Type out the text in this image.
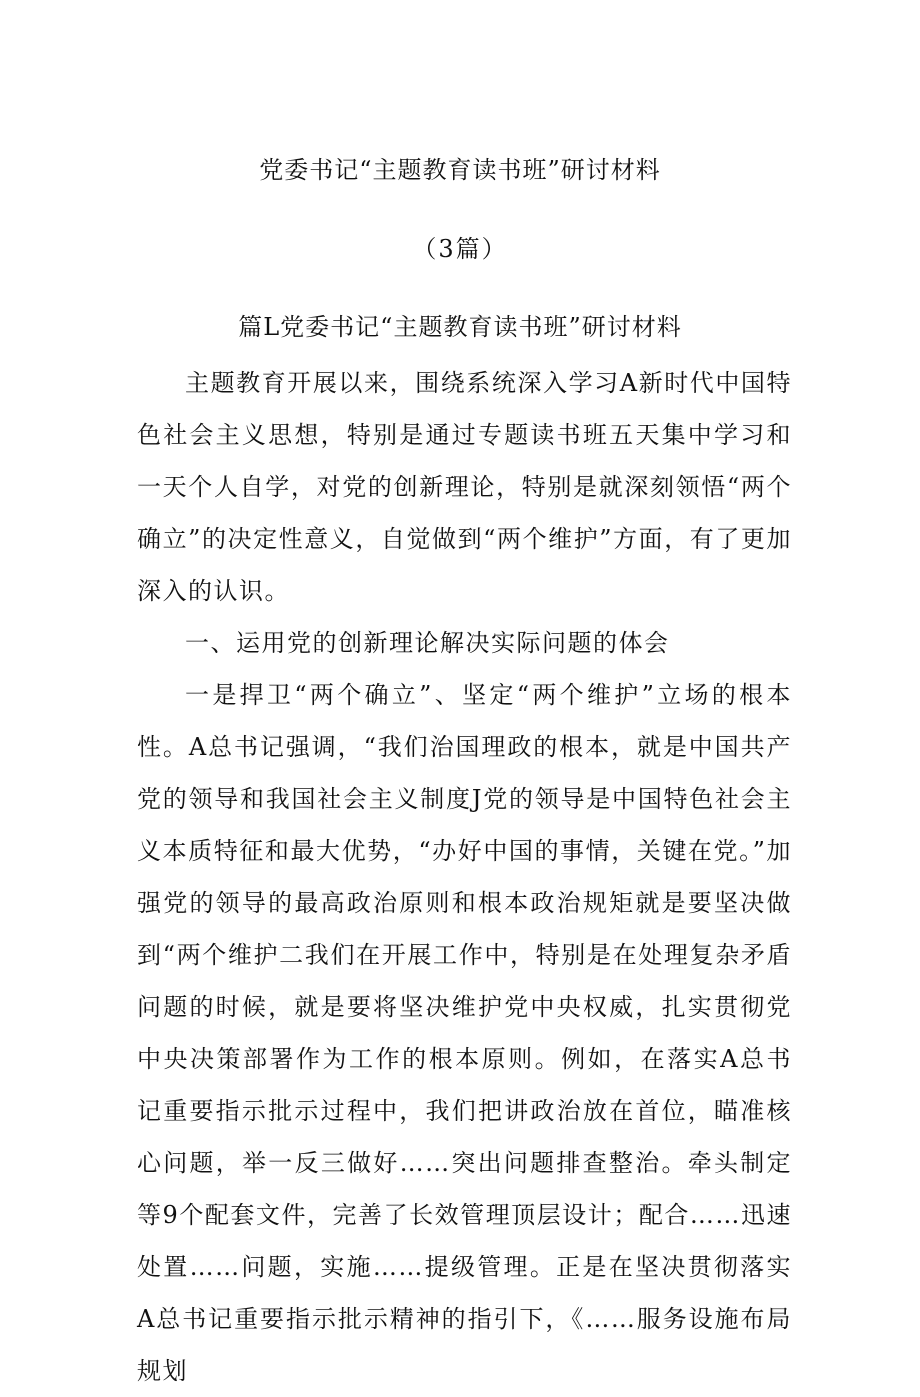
党委书记“主题教育读书班”研讨材料
（3篇）
篇L党委书记“主题教育读书班”研讨材料

主题教育开展以来，围绕系统深入学习A新时代中国特色社会主义思想，特别是通过专题读书班五天集中学习和一天个人自学，对党的创新理论，特别是就深刻领悟“两个确立”的决定性意义，自觉做到“两个维护”方面，有了更加深入的认识。

一、运用党的创新理论解决实际问题的体会

一是捍卫“两个确立”、坚定“两个维护”立场的根本性。A总书记强调，“我们治国理政的根本，就是中国共产党的领导和我国社会主义制度J党的领导是中国特色社会主义本质特征和最大优势，“办好中国的事情，关键在党。”加强党的领导的最高政治原则和根本政治规矩就是要坚决做到“两个维护二我们在开展工作中，特别是在处理复杂矛盾问题的时候，就是要将坚决维护党中央权威，扎实贯彻党中央决策部署作为工作的根本原则。例如，在落实A总书记重要指示批示过程中，我们把讲政治放在首位，瞄准核心问题，举一反三做好……突出问题排查整治。牵头制定等9个配套文件，完善了长效管理顶层设计；配合……迅速处置……问题，实施……提级管理。正是在坚决贯彻落实A总书记重要指示批示精神的指引下，《……服务设施布局规划
